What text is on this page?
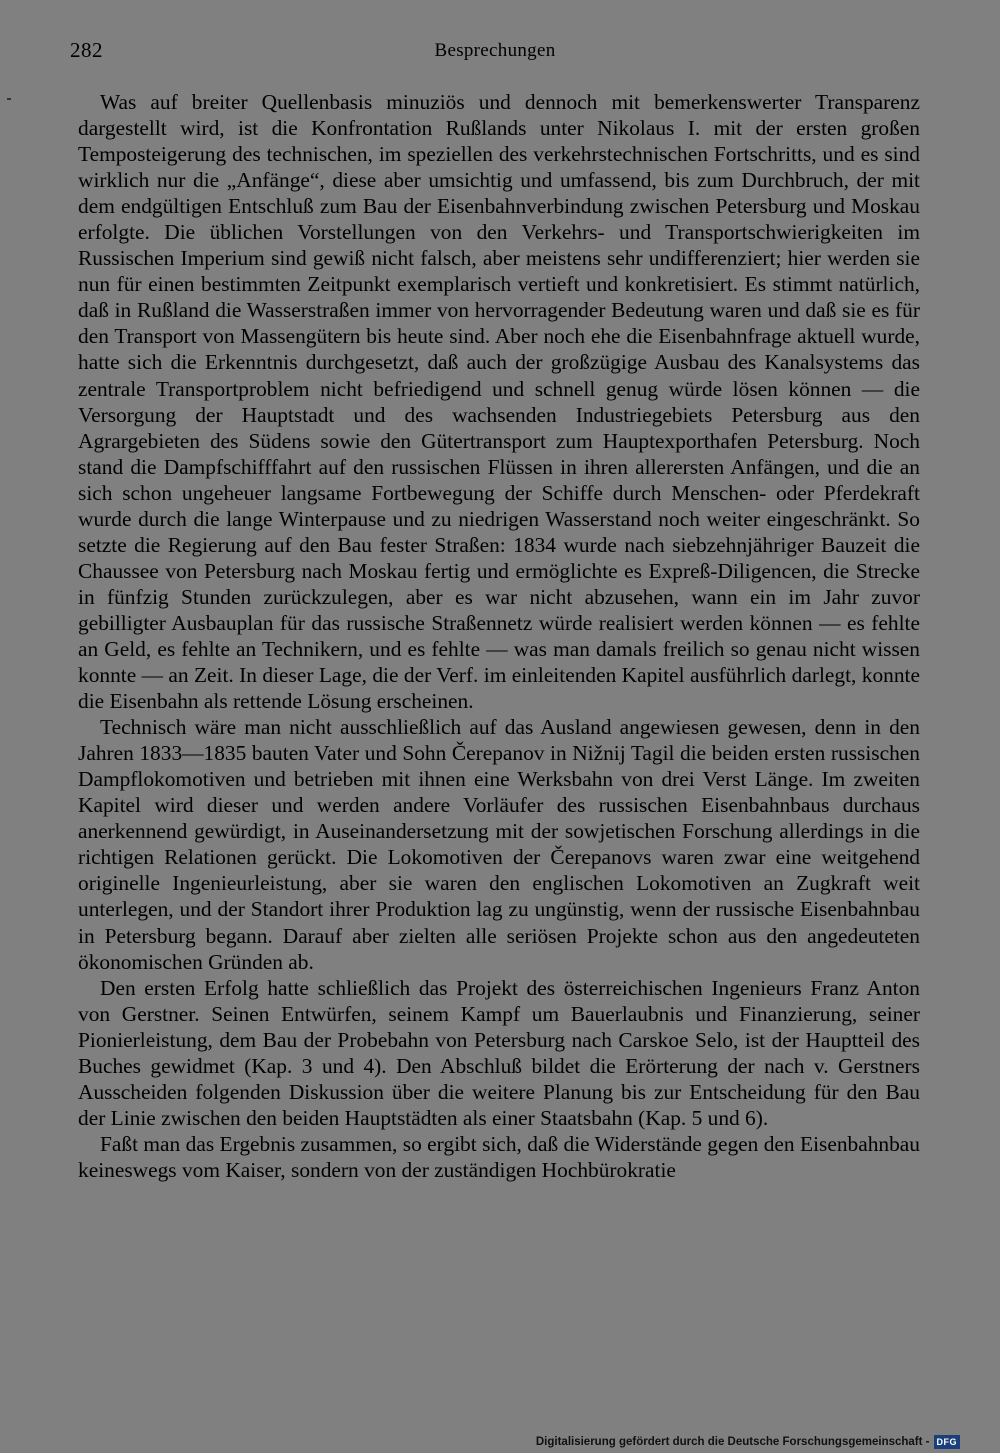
282	Besprechungen

Was auf breiter Quellenbasis minuziös und dennoch mit bemerkenswerter Transparenz dargestellt wird, ist die Konfrontation Rußlands unter Nikolaus I. mit der ersten großen Temposteigerung des technischen, im speziellen des verkehrstechnischen Fortschritts, und es sind wirklich nur die „Anfänge“, diese aber umsichtig und umfassend, bis zum Durchbruch, der mit dem endgültigen Entschluß zum Bau der Eisenbahnverbindung zwischen Petersburg und Moskau erfolgte. Die üblichen Vorstellungen von den Verkehrs- und Transportschwierigkeiten im Russischen Imperium sind gewiß nicht falsch, aber meistens sehr undifferenziert; hier werden sie nun für einen bestimmten Zeitpunkt exemplarisch vertieft und konkretisiert. Es stimmt natürlich, daß in Rußland die Wasserstraßen immer von hervorragender Bedeutung waren und daß sie es für den Transport von Massengütern bis heute sind. Aber noch ehe die Eisenbahnfrage aktuell wurde, hatte sich die Erkenntnis durchgesetzt, daß auch der großzügige Ausbau des Kanalsystems das zentrale Transportproblem nicht befriedigend und schnell genug würde lösen können — die Versorgung der Hauptstadt und des wachsenden Industriegebiets Petersburg aus den Agrargebieten des Südens sowie den Gütertransport zum Hauptexporthafen Petersburg. Noch stand die Dampfschifffahrt auf den russischen Flüssen in ihren allerersten Anfängen, und die an sich schon ungeheuer langsame Fortbewegung der Schiffe durch Menschen- oder Pferdekraft wurde durch die lange Winterpause und zu niedrigen Wasserstand noch weiter eingeschränkt. So setzte die Regierung auf den Bau fester Straßen: 1834 wurde nach siebzehnjähriger Bauzeit die Chaussee von Petersburg nach Moskau fertig und ermöglichte es Expreß-Diligencen, die Strecke in fünfzig Stunden zurückzulegen, aber es war nicht abzusehen, wann ein im Jahr zuvor gebilligter Ausbauplan für das russische Straßennetz würde realisiert werden können — es fehlte an Geld, es fehlte an Technikern, und es fehlte — was man damals freilich so genau nicht wissen konnte — an Zeit. In dieser Lage, die der Verf. im einleitenden Kapitel ausführlich darlegt, konnte die Eisenbahn als rettende Lösung erscheinen.

Technisch wäre man nicht ausschließlich auf das Ausland angewiesen gewesen, denn in den Jahren 1833—1835 bauten Vater und Sohn Čerepanov in Nižnij Tagil die beiden ersten russischen Dampflokomotiven und betrieben mit ihnen eine Werksbahn von drei Verst Länge. Im zweiten Kapitel wird dieser und werden andere Vorläufer des russischen Eisenbahnbaus durchaus anerkennend gewürdigt, in Auseinandersetzung mit der sowjetischen Forschung allerdings in die richtigen Relationen gerückt. Die Lokomotiven der Čerepanovs waren zwar eine weitgehend originelle Ingenieurleistung, aber sie waren den englischen Lokomotiven an Zugkraft weit unterlegen, und der Standort ihrer Produktion lag zu ungünstig, wenn der russische Eisenbahnbau in Petersburg begann. Darauf aber zielten alle seriösen Projekte schon aus den angedeuteten ökonomischen Gründen ab.

Den ersten Erfolg hatte schließlich das Projekt des österreichischen Ingenieurs Franz Anton von Gerstner. Seinen Entwürfen, seinem Kampf um Bauerlaubnis und Finanzierung, seiner Pionierleistung, dem Bau der Probebahn von Petersburg nach Carskoe Selo, ist der Hauptteil des Buches gewidmet (Kap. 3 und 4). Den Abschluß bildet die Erörterung der nach v. Gerstners Ausscheiden folgenden Diskussion über die weitere Planung bis zur Entscheidung für den Bau der Linie zwischen den beiden Hauptstädten als einer Staatsbahn (Kap. 5 und 6).

Faßt man das Ergebnis zusammen, so ergibt sich, daß die Widerstände gegen den Eisenbahnbau keineswegs vom Kaiser, sondern von der zuständigen Hochbürokratie

Digitalisierung gefördert durch die Deutsche Forschungsgemeinschaft - DFG
